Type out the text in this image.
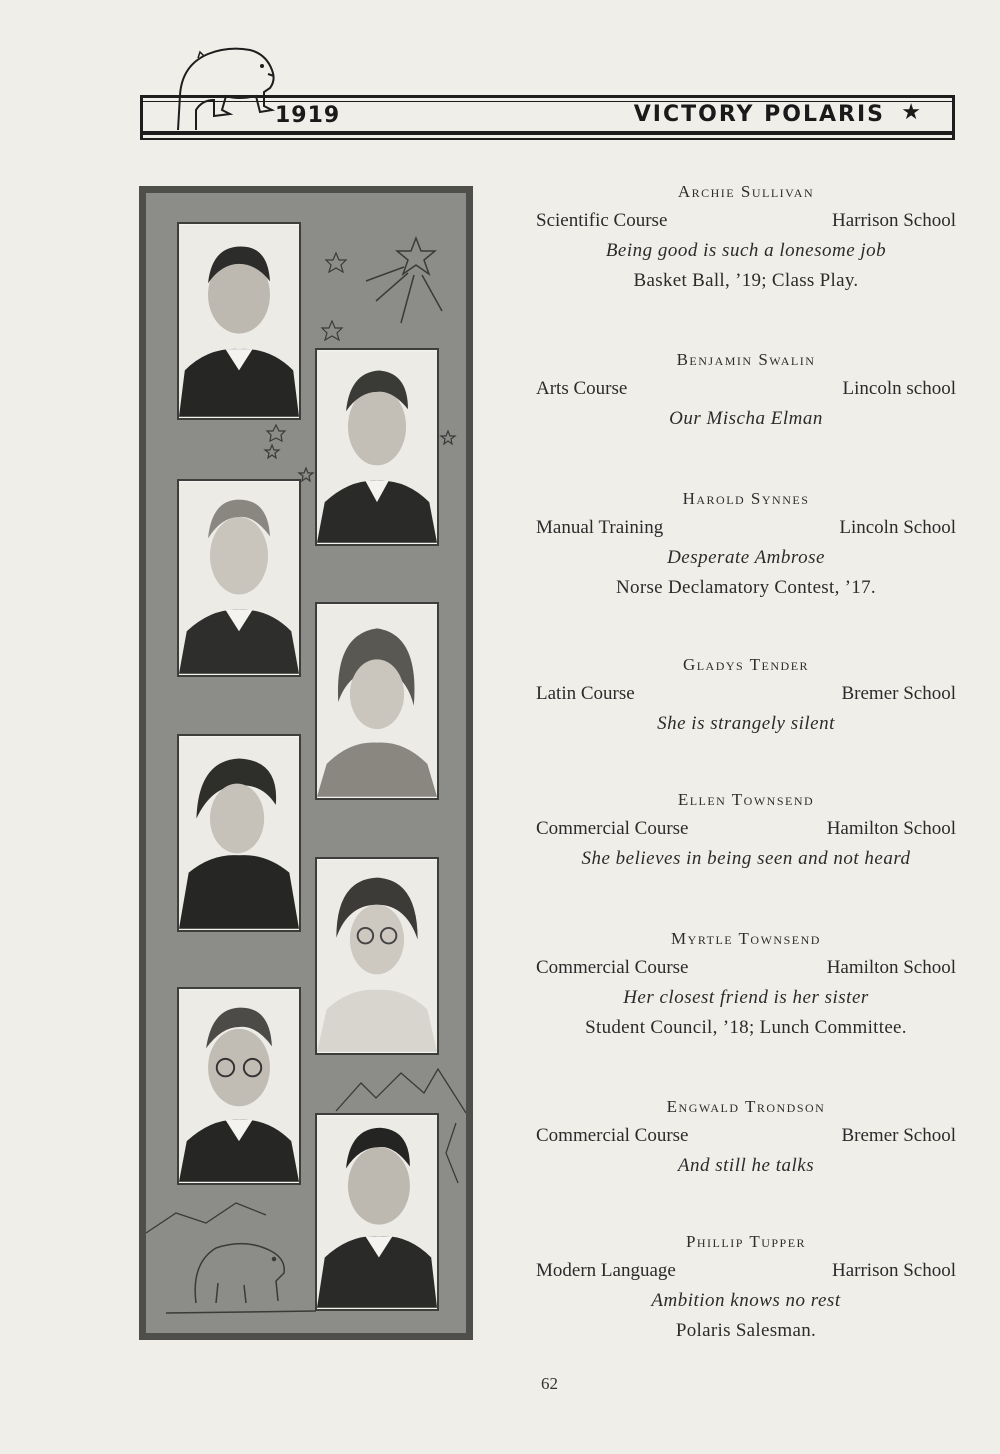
1919	VICTORY POLARIS ★
Archie Sullivan
Scientific Course	Harrison School
Being good is such a lonesome job
Basket Ball, ’19; Class Play.
Benjamin Swalin
Arts Course	Lincoln school
Our Mischa Elman
Harold Synnes
Manual Training	Lincoln School
Desperate Ambrose
Norse Declamatory Contest, ’17.
Gladys Tender
Latin Course	Bremer School
She is strangely silent
Ellen Townsend
Commercial Course	Hamilton School
She believes in being seen and not heard
Myrtle Townsend
Commercial Course	Hamilton School
Her closest friend is her sister
Student Council, ’18; Lunch Committee.
Engwald Trondson
Commercial Course	Bremer School
And still he talks
Phillip Tupper
Modern Language	Harrison School
Ambition knows no rest
Polaris Salesman.
62
